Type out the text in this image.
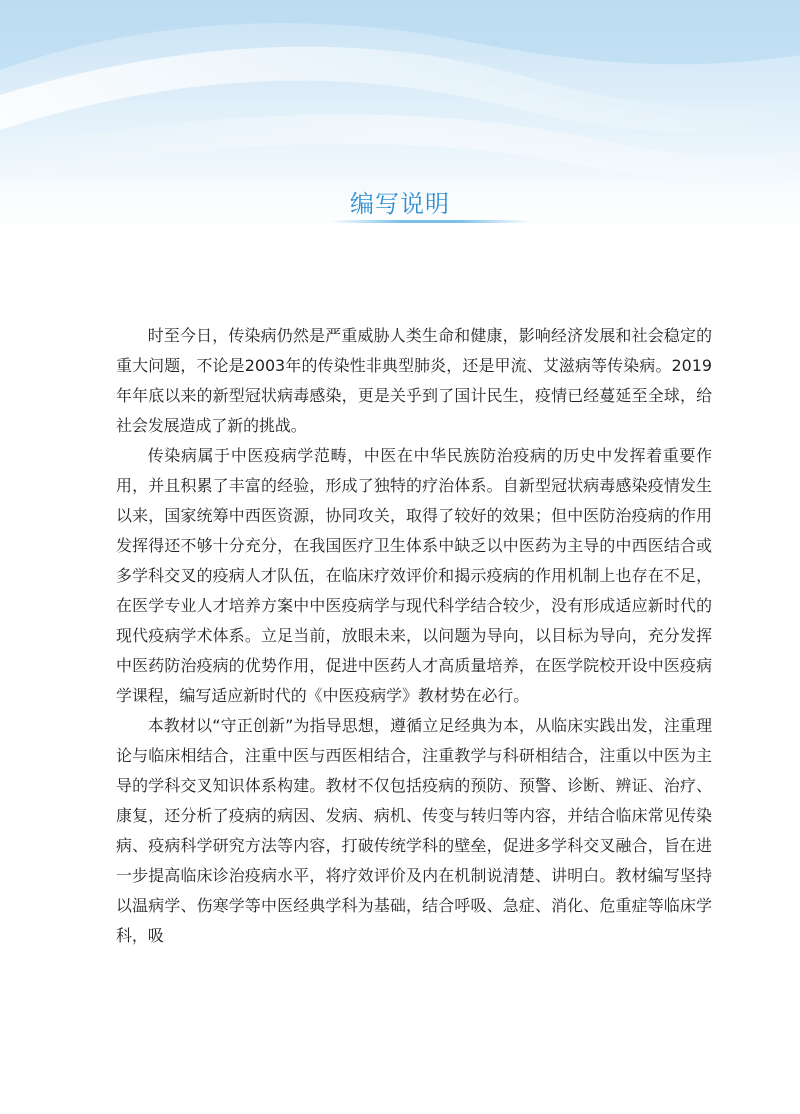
编写说明

时至今日，传染病仍然是严重威胁人类生命和健康，影响经济发展和社会稳定的重大问题，不论是2003年的传染性非典型肺炎，还是甲流、艾滋病等传染病。2019年年底以来的新型冠状病毒感染，更是关乎到了国计民生，疫情已经蔓延至全球，给社会发展造成了新的挑战。

传染病属于中医疫病学范畴，中医在中华民族防治疫病的历史中发挥着重要作用，并且积累了丰富的经验，形成了独特的疗治体系。自新型冠状病毒感染疫情发生以来，国家统筹中西医资源，协同攻关，取得了较好的效果；但中医防治疫病的作用发挥得还不够十分充分，在我国医疗卫生体系中缺乏以中医药为主导的中西医结合或多学科交叉的疫病人才队伍，在临床疗效评价和揭示疫病的作用机制上也存在不足，在医学专业人才培养方案中中医疫病学与现代科学结合较少，没有形成适应新时代的现代疫病学术体系。立足当前，放眼未来，以问题为导向，以目标为导向，充分发挥中医药防治疫病的优势作用，促进中医药人才高质量培养，在医学院校开设中医疫病学课程，编写适应新时代的《中医疫病学》教材势在必行。

本教材以“守正创新”为指导思想，遵循立足经典为本，从临床实践出发，注重理论与临床相结合，注重中医与西医相结合，注重教学与科研相结合，注重以中医为主导的学科交叉知识体系构建。教材不仅包括疫病的预防、预警、诊断、辨证、治疗、康复，还分析了疫病的病因、发病、病机、传变与转归等内容，并结合临床常见传染病、疫病科学研究方法等内容，打破传统学科的壁垒，促进多学科交叉融合，旨在进一步提高临床诊治疫病水平，将疗效评价及内在机制说清楚、讲明白。教材编写坚持以温病学、伤寒学等中医经典学科为基础，结合呼吸、急症、消化、危重症等临床学科，吸
